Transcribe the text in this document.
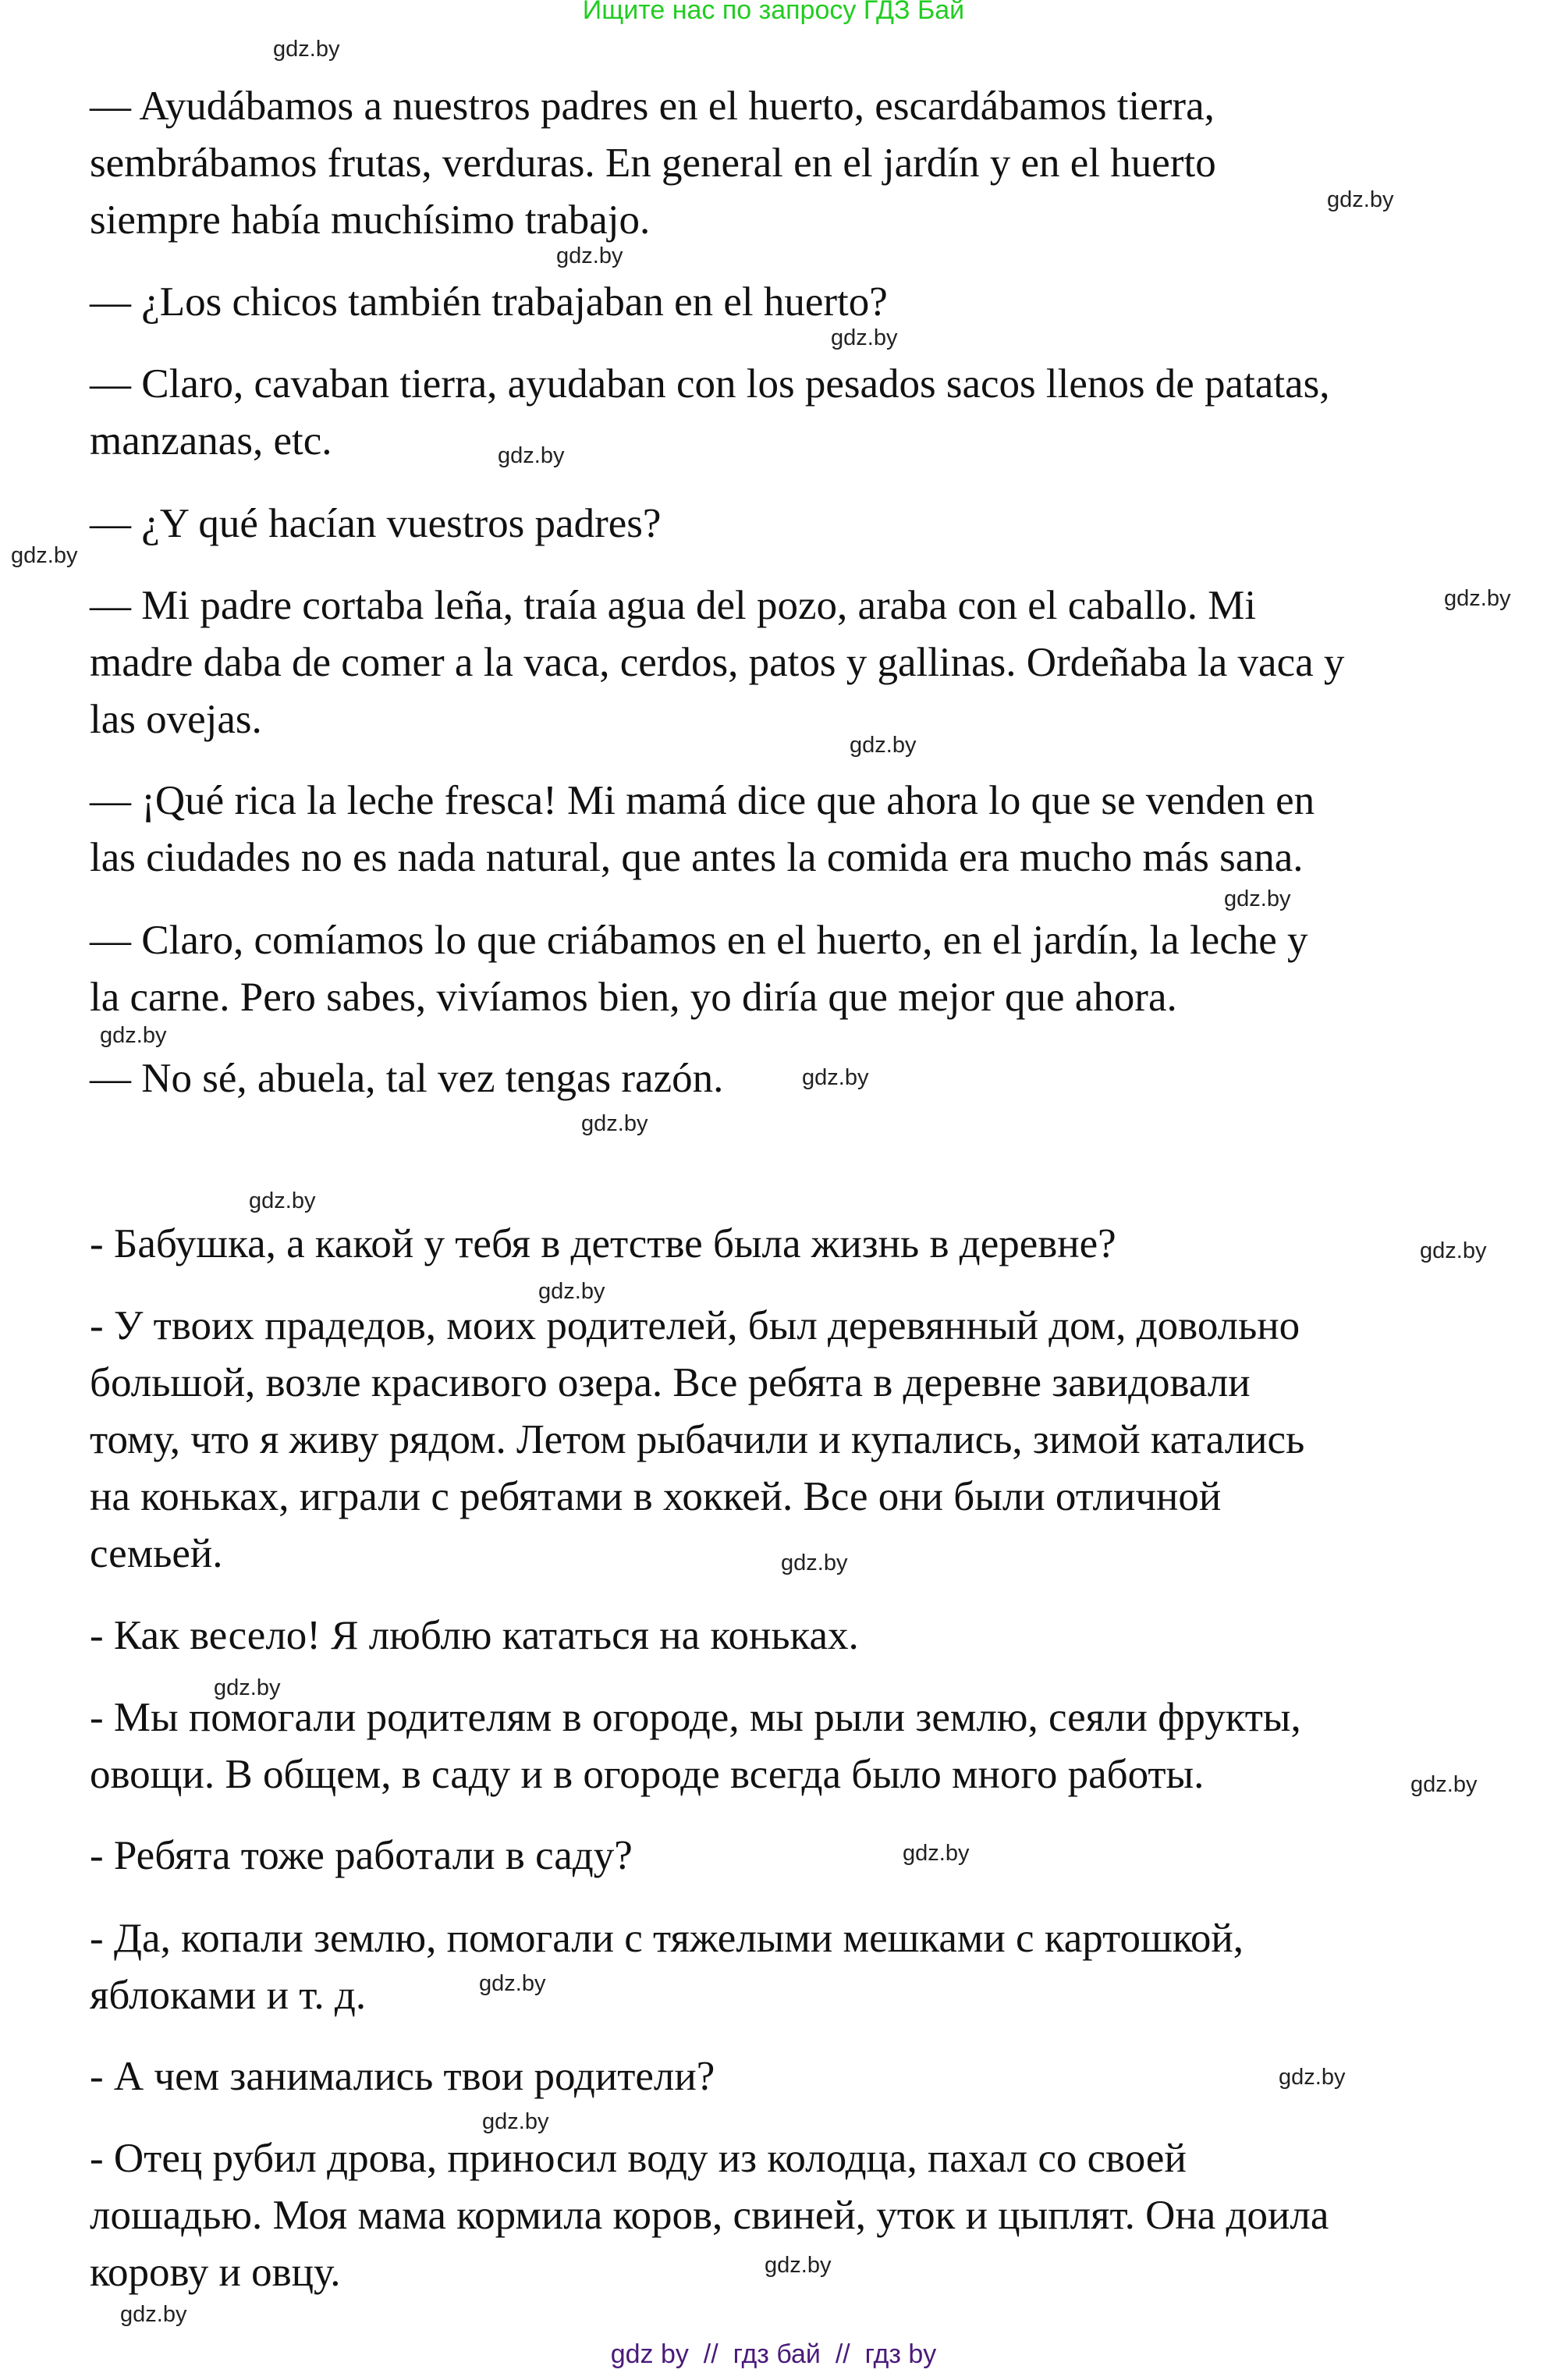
Ищите нас по запросу ГДЗ Бай
— Ayudábamos a nuestros padres en el huerto, escardábamos tierra,
sembrábamos frutas, verduras. En general en el jardín y en el huerto
siempre había muchísimo trabajo.
— ¿Los chicos también trabajaban en el huerto?
— Claro, cavaban tierra, ayudaban con los pesados sacos llenos de patatas,
manzanas, etc.
— ¿Y qué hacían vuestros padres?
— Mi padre cortaba leña, traía agua del pozo, araba con el caballo. Mi
madre daba de comer a la vaca, cerdos, patos y gallinas. Ordeñaba la vaca y
las ovejas.
— ¡Qué rica la leche fresca! Mi mamá dice que ahora lo que se venden en
las ciudades no es nada natural, que antes la comida era mucho más sana.
— Claro, comíamos lo que criábamos en el huerto, en el jardín, la leche y
la carne. Pero sabes, vivíamos bien, yo diría que mejor que ahora.
— No sé, abuela, tal vez tengas razón.
- Бабушка, а какой у тебя в детстве была жизнь в деревне?
- У твоих прадедов, моих родителей, был деревянный дом, довольно
большой, возле красивого озера. Все ребята в деревне завидовали
тому, что я живу рядом. Летом рыбачили и купались, зимой катались
на коньках, играли с ребятами в хоккей. Все они были отличной
семьей.
- Как весело! Я люблю кататься на коньках.
- Мы помогали родителям в огороде, мы рыли землю, сеяли фрукты,
овощи. В общем, в саду и в огороде всегда было много работы.
- Ребята тоже работали в саду?
- Да, копали землю, помогали с тяжелыми мешками с картошкой,
яблоками и т. д.
- А чем занимались твои родители?
- Отец рубил дрова, приносил воду из колодца, пахал со своей
лошадью. Моя мама кормила коров, свиней, уток и цыплят. Она доила
корову и овцу.
gdz.by
gdz.by
gdz.by
gdz.by
gdz.by
gdz.by
gdz.by
gdz.by
gdz.by
gdz.by
gdz.by
gdz.by
gdz.by
gdz.by
gdz.by
gdz.by
gdz.by
gdz.by
gdz.by
gdz.by
gdz.by
gdz.by
gdz.by
gdz.by
gdz by  //  гдз бай  //  гдз by
